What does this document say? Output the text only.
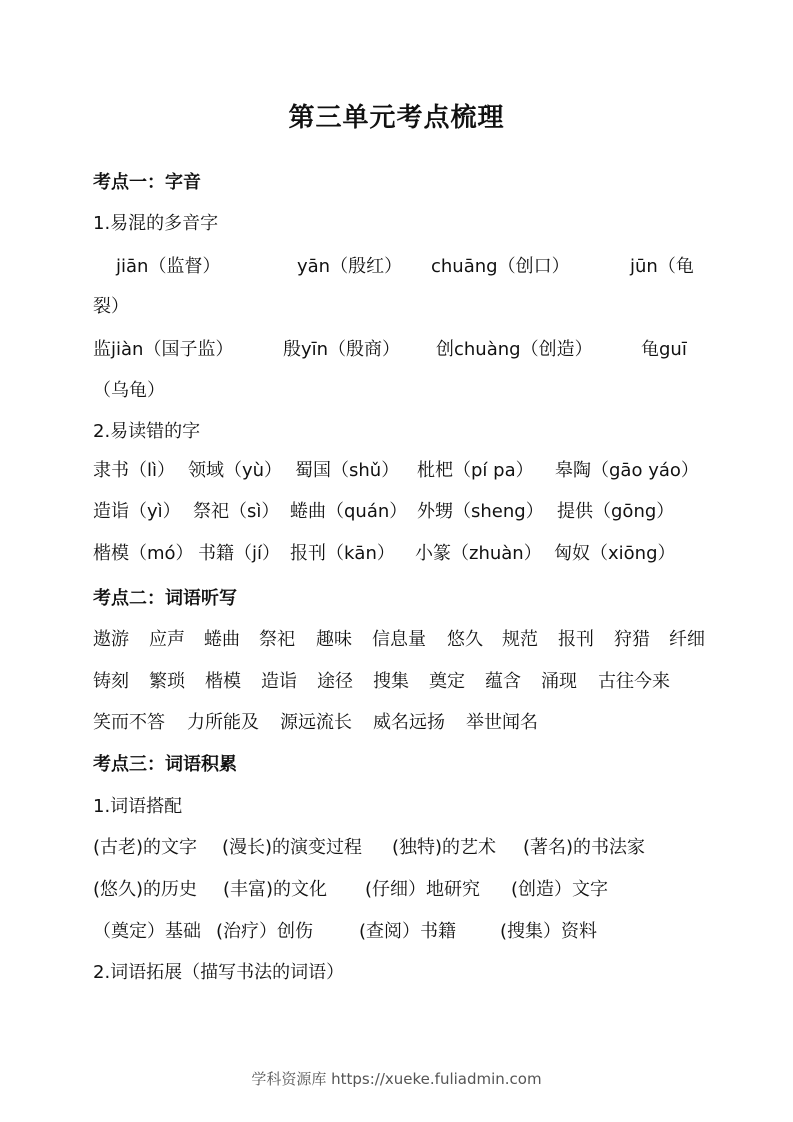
第三单元考点梳理
考点一：字音
1.易混的多音字
jiān（监督）	yān（殷红）	chuāng（创口）	jūn（龟
裂）
监jiàn（国子监）	殷yīn（殷商）	创chuàng（创造）	龟guī
（乌龟）
2.易读错的字
隶书（lì） 领域（yù） 蜀国（shǔ） 枇杷（pí pa）	皋陶（gāo yáo）
造诣（yì） 祭祀（sì） 蜷曲（quán） 外甥（sheng） 提供（gōng）
楷模（mó） 书籍（jí） 报刊（kān）	小篆（zhuàn） 匈奴（xiōng）
考点二：词语听写
遨游	应声	蜷曲	祭祀	趣味	信息量	悠久	规范	报刊	狩猎	纤细
铸刻	繁琐	楷模	造诣	途径	搜集	奠定	蕴含	涌现	古往今来
笑而不答	力所能及	源远流长	威名远扬	举世闻名
考点三：词语积累
1.词语搭配
(古老)的文字	(漫长)的演变过程	(独特)的艺术	(著名)的书法家
(悠久)的历史	(丰富)的文化	(仔细）地研究	(创造）文字
（奠定）基础 (治疗）创伤	(查阅）书籍	(搜集）资料
2.词语拓展（描写书法的词语）
学科资源库 https://xueke.fuliadmin.com
